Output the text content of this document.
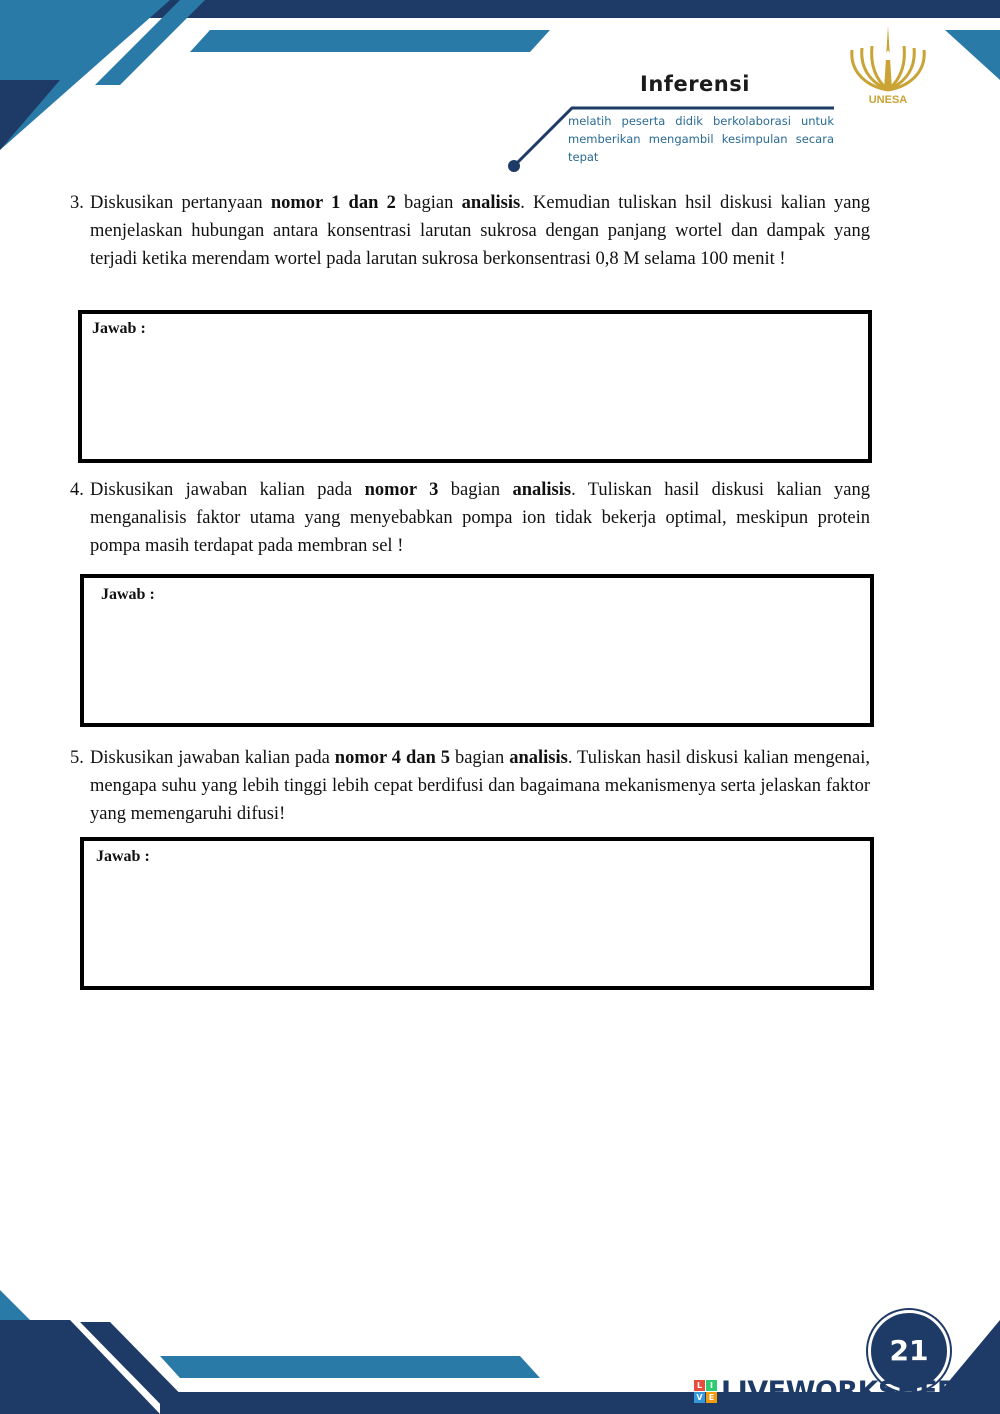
UNESA
Inferensi
melatih peserta didik berkolaborasi untuk memberikan mengambil kesimpulan secara tepat
3. Diskusikan pertanyaan nomor 1 dan 2 bagian analisis. Kemudian tuliskan hsil diskusi kalian yang menjelaskan hubungan antara konsentrasi larutan sukrosa dengan panjang wortel dan dampak yang terjadi ketika merendam wortel pada larutan sukrosa berkonsentrasi 0,8 M selama 100 menit !
Jawab :
4. Diskusikan jawaban kalian pada nomor 3 bagian analisis. Tuliskan hasil diskusi kalian yang menganalisis faktor utama yang menyebabkan pompa ion tidak bekerja optimal, meskipun protein pompa masih terdapat pada membran sel !
Jawab :
5. Diskusikan jawaban kalian pada nomor 4 dan 5 bagian analisis. Tuliskan hasil diskusi kalian mengenai, mengapa suhu yang lebih tinggi lebih cepat berdifusi dan bagaimana mekanismenya serta jelaskan faktor yang memengaruhi difusi!
Jawab :
21
L I
V E LIVEWORKSHEETS
